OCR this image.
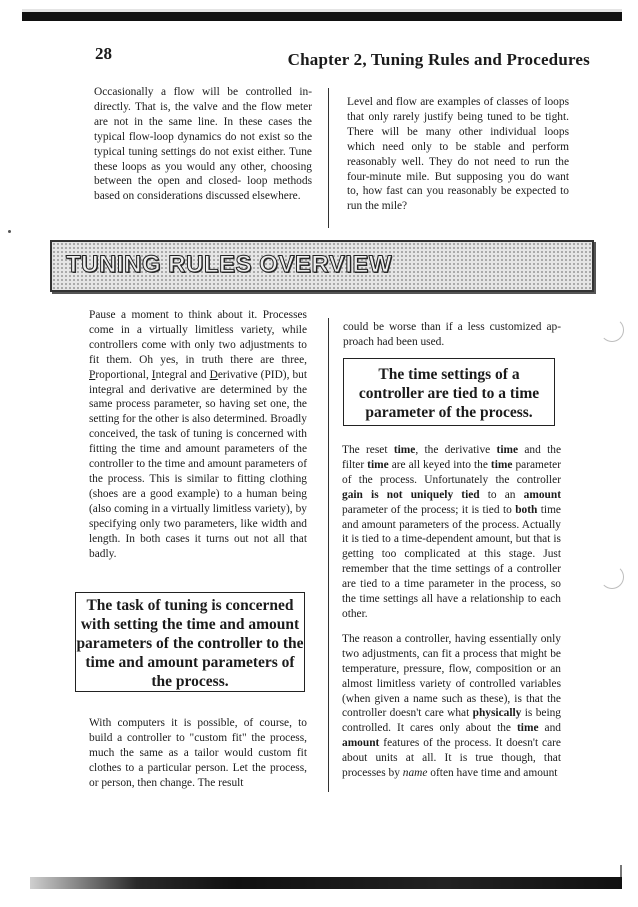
28	Chapter 2, Tuning Rules and Procedures

Occasionally a flow will be controlled indirectly. That is, the valve and the flow meter are not in the same line. In these cases the typical flow-loop dynamics do not exist so the typical tuning settings do not exist either. Tune these loops as you would any other, choosing between the open and closed- loop methods based on considerations discussed elsewhere.

Level and flow are examples of classes of loops that only rarely justify being tuned to be tight. There will be many other individual loops which need only to be stable and perform reasonably well. They do not need to run the four-minute mile. But supposing you do want to, how fast can you reasonably be expected to run the mile?

TUNING RULES OVERVIEW

Pause a moment to think about it. Processes come in a virtually limitless variety, while controllers come with only two adjustments to fit them. Oh yes, in truth there are three, Proportional, Integral and Derivative (PID), but integral and derivative are determined by the same process parameter, so having set one, the setting for the other is also determined. Broadly conceived, the task of tuning is concerned with fitting the time and amount parameters of the controller to the time and amount parameters of the process. This is similar to fitting clothing (shoes are a good example) to a human being (also coming in a virtually limitless variety), by specifying only two parameters, like width and length. In both cases it turns out not all that badly.

The task of tuning is concerned with setting the time and amount parameters of the controller to the time and amount parameters of the process.

With computers it is possible, of course, to build a controller to "custom fit" the process, much the same as a tailor would custom fit clothes to a particular person. Let the process, or person, then change. The result

could be worse than if a less customized approach had been used.

The time settings of a controller are tied to a time parameter of the process.

The reset time, the derivative time and the filter time are all keyed into the time parameter of the process. Unfortunately the controller gain is not uniquely tied to an amount parameter of the process; it is tied to both time and amount parameters of the process. Actually it is tied to a time-dependent amount, but that is getting too complicated at this stage. Just remember that the time settings of a controller are tied to a time parameter in the process, so the time settings all have a relationship to each other.

The reason a controller, having essentially only two adjustments, can fit a process that might be temperature, pressure, flow, composition or an almost limitless variety of controlled variables (when given a name such as these), is that the controller doesn't care what physically is being controlled. It cares only about the time and amount features of the process. It doesn't care about units at all. It is true though, that processes by name often have time and amount
